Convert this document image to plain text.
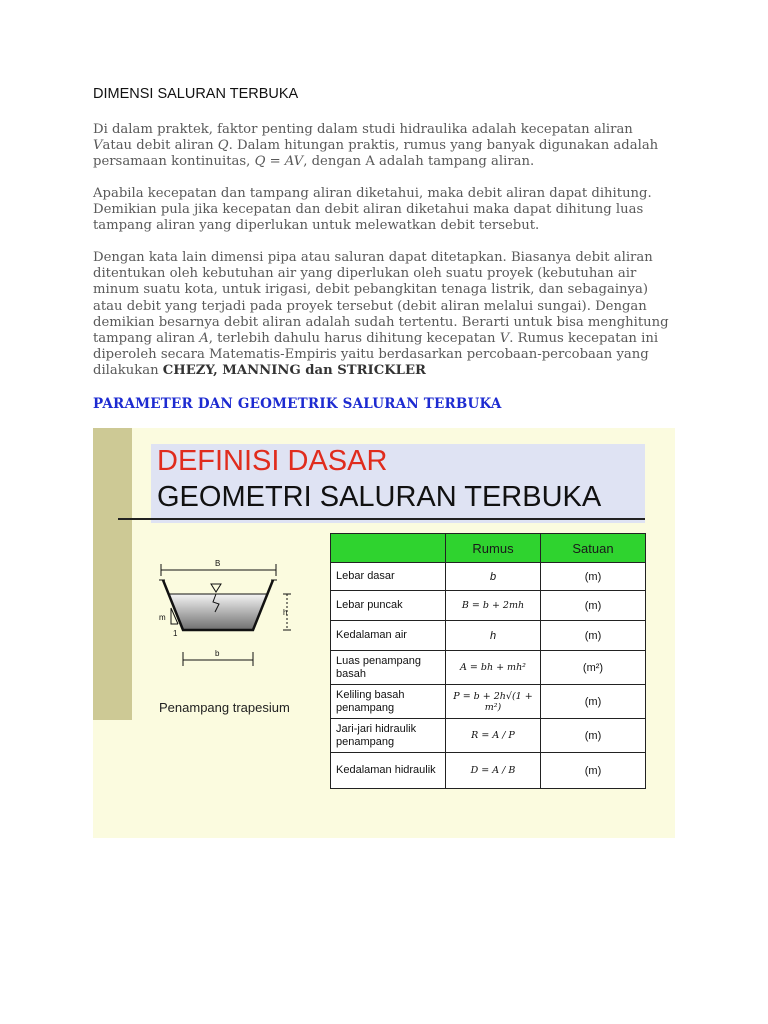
DIMENSI SALURAN TERBUKA

Di dalam praktek, faktor penting dalam studi hidraulika adalah kecepatan aliran Vatau debit aliran Q. Dalam hitungan praktis, rumus yang banyak digunakan adalah persamaan kontinuitas, Q = AV, dengan A adalah tampang aliran.

Apabila kecepatan dan tampang aliran diketahui, maka debit aliran dapat dihitung. Demikian pula jika kecepatan dan debit aliran diketahui maka dapat dihitung luas tampang aliran yang diperlukan untuk melewatkan debit tersebut.

Dengan kata lain dimensi pipa atau saluran dapat ditetapkan. Biasanya debit aliran ditentukan oleh kebutuhan air yang diperlukan oleh suatu proyek (kebutuhan air minum suatu kota, untuk irigasi, debit pebangkitan tenaga listrik, dan sebagainya) atau debit yang terjadi pada proyek tersebut (debit aliran melalui sungai). Dengan demikian besarnya debit aliran adalah sudah tertentu. Berarti untuk bisa menghitung tampang aliran A, terlebih dahulu harus dihitung kecepatan V. Rumus kecepatan ini diperoleh secara Matematis-Empiris yaitu berdasarkan percobaan-percobaan yang dilakukan CHEZY, MANNING dan STRICKLER

PARAMETER DAN GEOMETRIK SALURAN TERBUKA
DEFINISI DASAR
GEOMETRI SALURAN TERBUKA
B
h
m
1
b
Penampang trapesium
	Rumus	Satuan
Lebar dasar	b	(m)
Lebar puncak	B = b + 2mh	(m)
Kedalaman air	h	(m)
Luas penampang basah	A = bh + mh²	(m²)
Keliling basah penampang	P = b + 2h√(1 + m²)	(m)
Jari-jari hidraulik penampang	R = A / P	(m)
Kedalaman hidraulik	D = A / B	(m)
